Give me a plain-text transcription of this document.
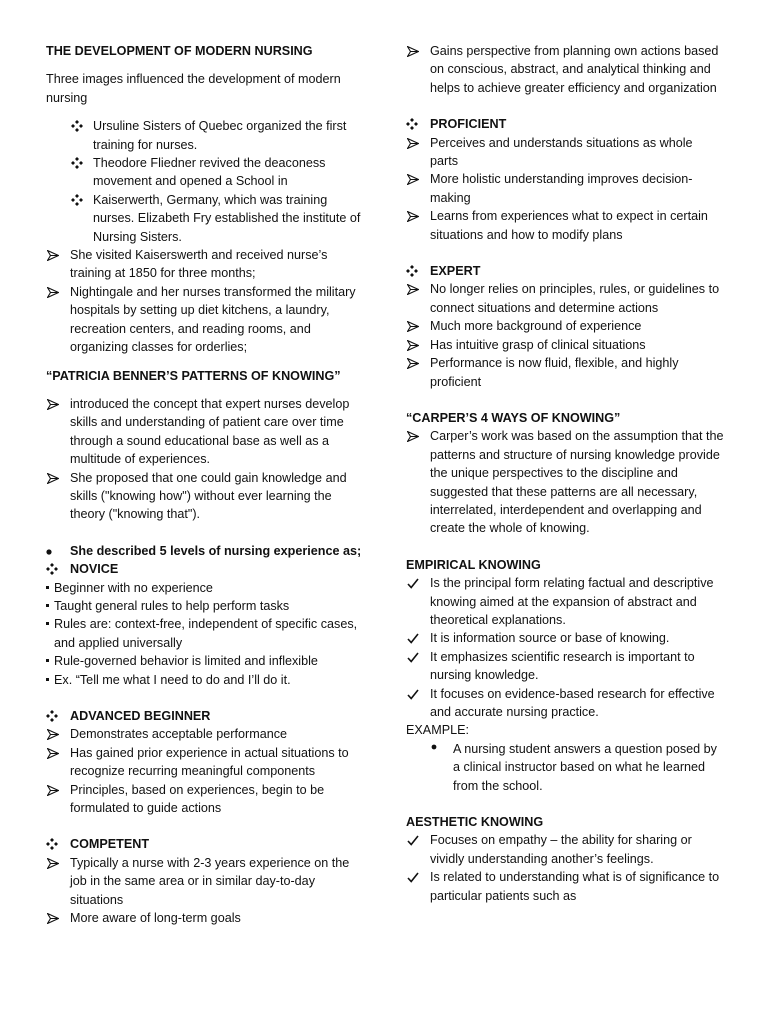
THE DEVELOPMENT OF MODERN NURSING

Three images influenced the development of modern nursing

Ursuline Sisters of Quebec organized the first training for nurses.
Theodore Fliedner revived the deaconess movement and opened a School in
Kaiserwerth, Germany, which was training nurses. Elizabeth Fry established the institute of Nursing Sisters.
She visited Kaiserswerth and received nurse’s training at 1850 for three months;
Nightingale and her nurses transformed the military hospitals by setting up diet kitchens, a laundry, recreation centers, and reading rooms, and organizing classes for orderlies;

“PATRICIA BENNER’S PATTERNS OF KNOWING”

introduced the concept that expert nurses develop skills and understanding of patient care over time through a sound educational base as well as a multitude of experiences.
She proposed that one could gain knowledge and skills ("knowing how") without ever learning the theory ("knowing that").
She described 5 levels of nursing experience as;
NOVICE
Beginner with no experience
Taught general rules to help perform tasks
Rules are: context-free, independent of specific cases, and applied universally
Rule-governed behavior is limited and inflexible
Ex. “Tell me what I need to do and I’ll do it.
ADVANCED BEGINNER
Demonstrates acceptable performance
Has gained prior experience in actual situations to recognize recurring meaningful components
Principles, based on experiences, begin to be formulated to guide actions
COMPETENT
Typically a nurse with 2-3 years experience on the job in the same area or in similar day-to-day situations
More aware of long-term goals
Gains perspective from planning own actions based on conscious, abstract, and analytical thinking and helps to achieve greater efficiency and organization
PROFICIENT
Perceives and understands situations as whole parts
More holistic understanding improves decision-making
Learns from experiences what to expect in certain situations and how to modify plans
EXPERT
No longer relies on principles, rules, or guidelines to connect situations and determine actions
Much more background of experience
Has intuitive grasp of clinical situations
Performance is now fluid, flexible, and highly proficient

“CARPER’S 4 WAYS OF KNOWING”

Carper’s work was based on the assumption that the patterns and structure of nursing knowledge provide the unique perspectives to the discipline and suggested that these patterns are all necessary, interrelated, interdependent and overlapping and create the whole of knowing.

EMPIRICAL KNOWING

Is the principal form relating factual and descriptive knowing aimed at the expansion of abstract and theoretical explanations.
It is information source or base of knowing.
It emphasizes scientific research is important to nursing knowledge.
It focuses on evidence-based research for effective and accurate nursing practice.

EXAMPLE:

A nursing student answers a question posed by a clinical instructor based on what he learned from the school.

AESTHETIC KNOWING

Focuses on empathy – the ability for sharing or vividly understanding another’s feelings.
Is related to understanding what is of significance to particular patients such as
